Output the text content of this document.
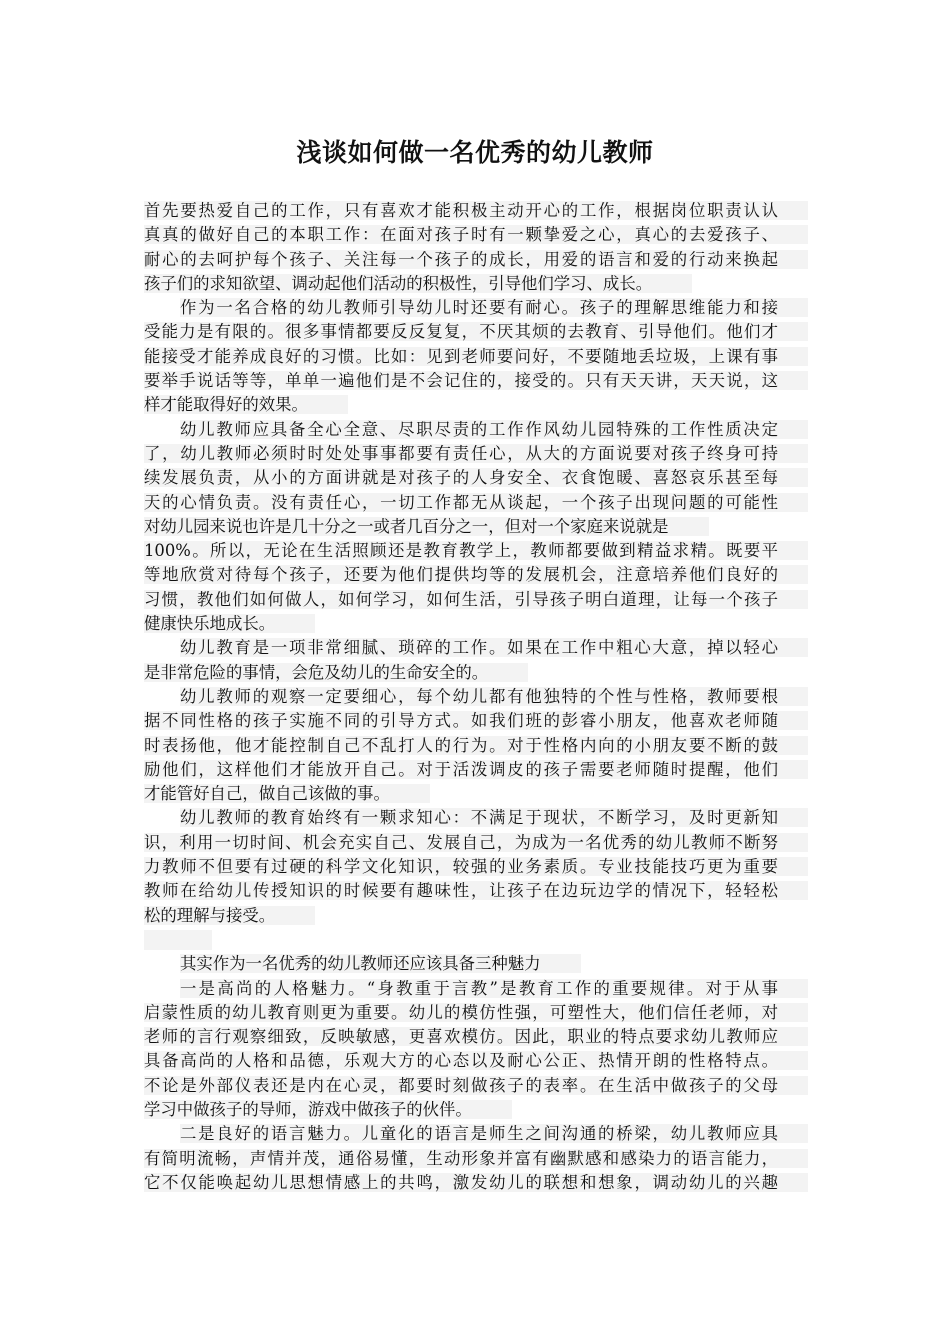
浅谈如何做一名优秀的幼儿教师
首先要热爱自己的工作，只有喜欢才能积极主动开心的工作，根据岗位职责认认
真真的做好自己的本职工作：在面对孩子时有一颗挚爱之心，真心的去爱孩子、
耐心的去呵护每个孩子、关注每一个孩子的成长，用爱的语言和爱的行动来换起
孩子们的求知欲望、调动起他们活动的积极性，引导他们学习、成长。
作为一名合格的幼儿教师引导幼儿时还要有耐心。孩子的理解思维能力和接
受能力是有限的。很多事情都要反反复复，不厌其烦的去教育、引导他们。他们才
能接受才能养成良好的习惯。比如：见到老师要问好，不要随地丢垃圾，上课有事
要举手说话等等，单单一遍他们是不会记住的，接受的。只有天天讲，天天说，这
样才能取得好的效果。
幼儿教师应具备全心全意、尽职尽责的工作作风幼儿园特殊的工作性质决定
了，幼儿教师必须时时处处事事都要有责任心，从大的方面说要对孩子终身可持
续发展负责，从小的方面讲就是对孩子的人身安全、衣食饱暖、喜怒哀乐甚至每
天的心情负责。没有责任心，一切工作都无从谈起，一个孩子出现问题的可能性
对幼儿园来说也许是几十分之一或者几百分之一，但对一个家庭来说就是
100%。所以，无论在生活照顾还是教育教学上，教师都要做到精益求精。既要平
等地欣赏对待每个孩子，还要为他们提供均等的发展机会，注意培养他们良好的
习惯，教他们如何做人，如何学习，如何生活，引导孩子明白道理，让每一个孩子
健康快乐地成长。
幼儿教育是一项非常细腻、琐碎的工作。如果在工作中粗心大意，掉以轻心
是非常危险的事情，会危及幼儿的生命安全的。
幼儿教师的观察一定要细心，每个幼儿都有他独特的个性与性格，教师要根
据不同性格的孩子实施不同的引导方式。如我们班的彭睿小朋友，他喜欢老师随
时表扬他，他才能控制自己不乱打人的行为。对于性格内向的小朋友要不断的鼓
励他们，这样他们才能放开自己。对于活泼调皮的孩子需要老师随时提醒，他们
才能管好自己，做自己该做的事。
幼儿教师的教育始终有一颗求知心：不满足于现状，不断学习，及时更新知
识，利用一切时间、机会充实自己、发展自己，为成为一名优秀的幼儿教师不断努
力教师不但要有过硬的科学文化知识，较强的业务素质。专业技能技巧更为重要
教师在给幼儿传授知识的时候要有趣味性，让孩子在边玩边学的情况下，轻轻松
松的理解与接受。
其实作为一名优秀的幼儿教师还应该具备三种魅力
一是高尚的人格魅力。“身教重于言教”是教育工作的重要规律。对于从事
启蒙性质的幼儿教育则更为重要。幼儿的模仿性强，可塑性大，他们信任老师，对
老师的言行观察细致，反映敏感，更喜欢模仿。因此，职业的特点要求幼儿教师应
具备高尚的人格和品德，乐观大方的心态以及耐心公正、热情开朗的性格特点。
不论是外部仪表还是内在心灵，都要时刻做孩子的表率。在生活中做孩子的父母
学习中做孩子的导师，游戏中做孩子的伙伴。
二是良好的语言魅力。儿童化的语言是师生之间沟通的桥梁，幼儿教师应具
有简明流畅，声情并茂，通俗易懂，生动形象并富有幽默感和感染力的语言能力，
它不仅能唤起幼儿思想情感上的共鸣，激发幼儿的联想和想象，调动幼儿的兴趣
